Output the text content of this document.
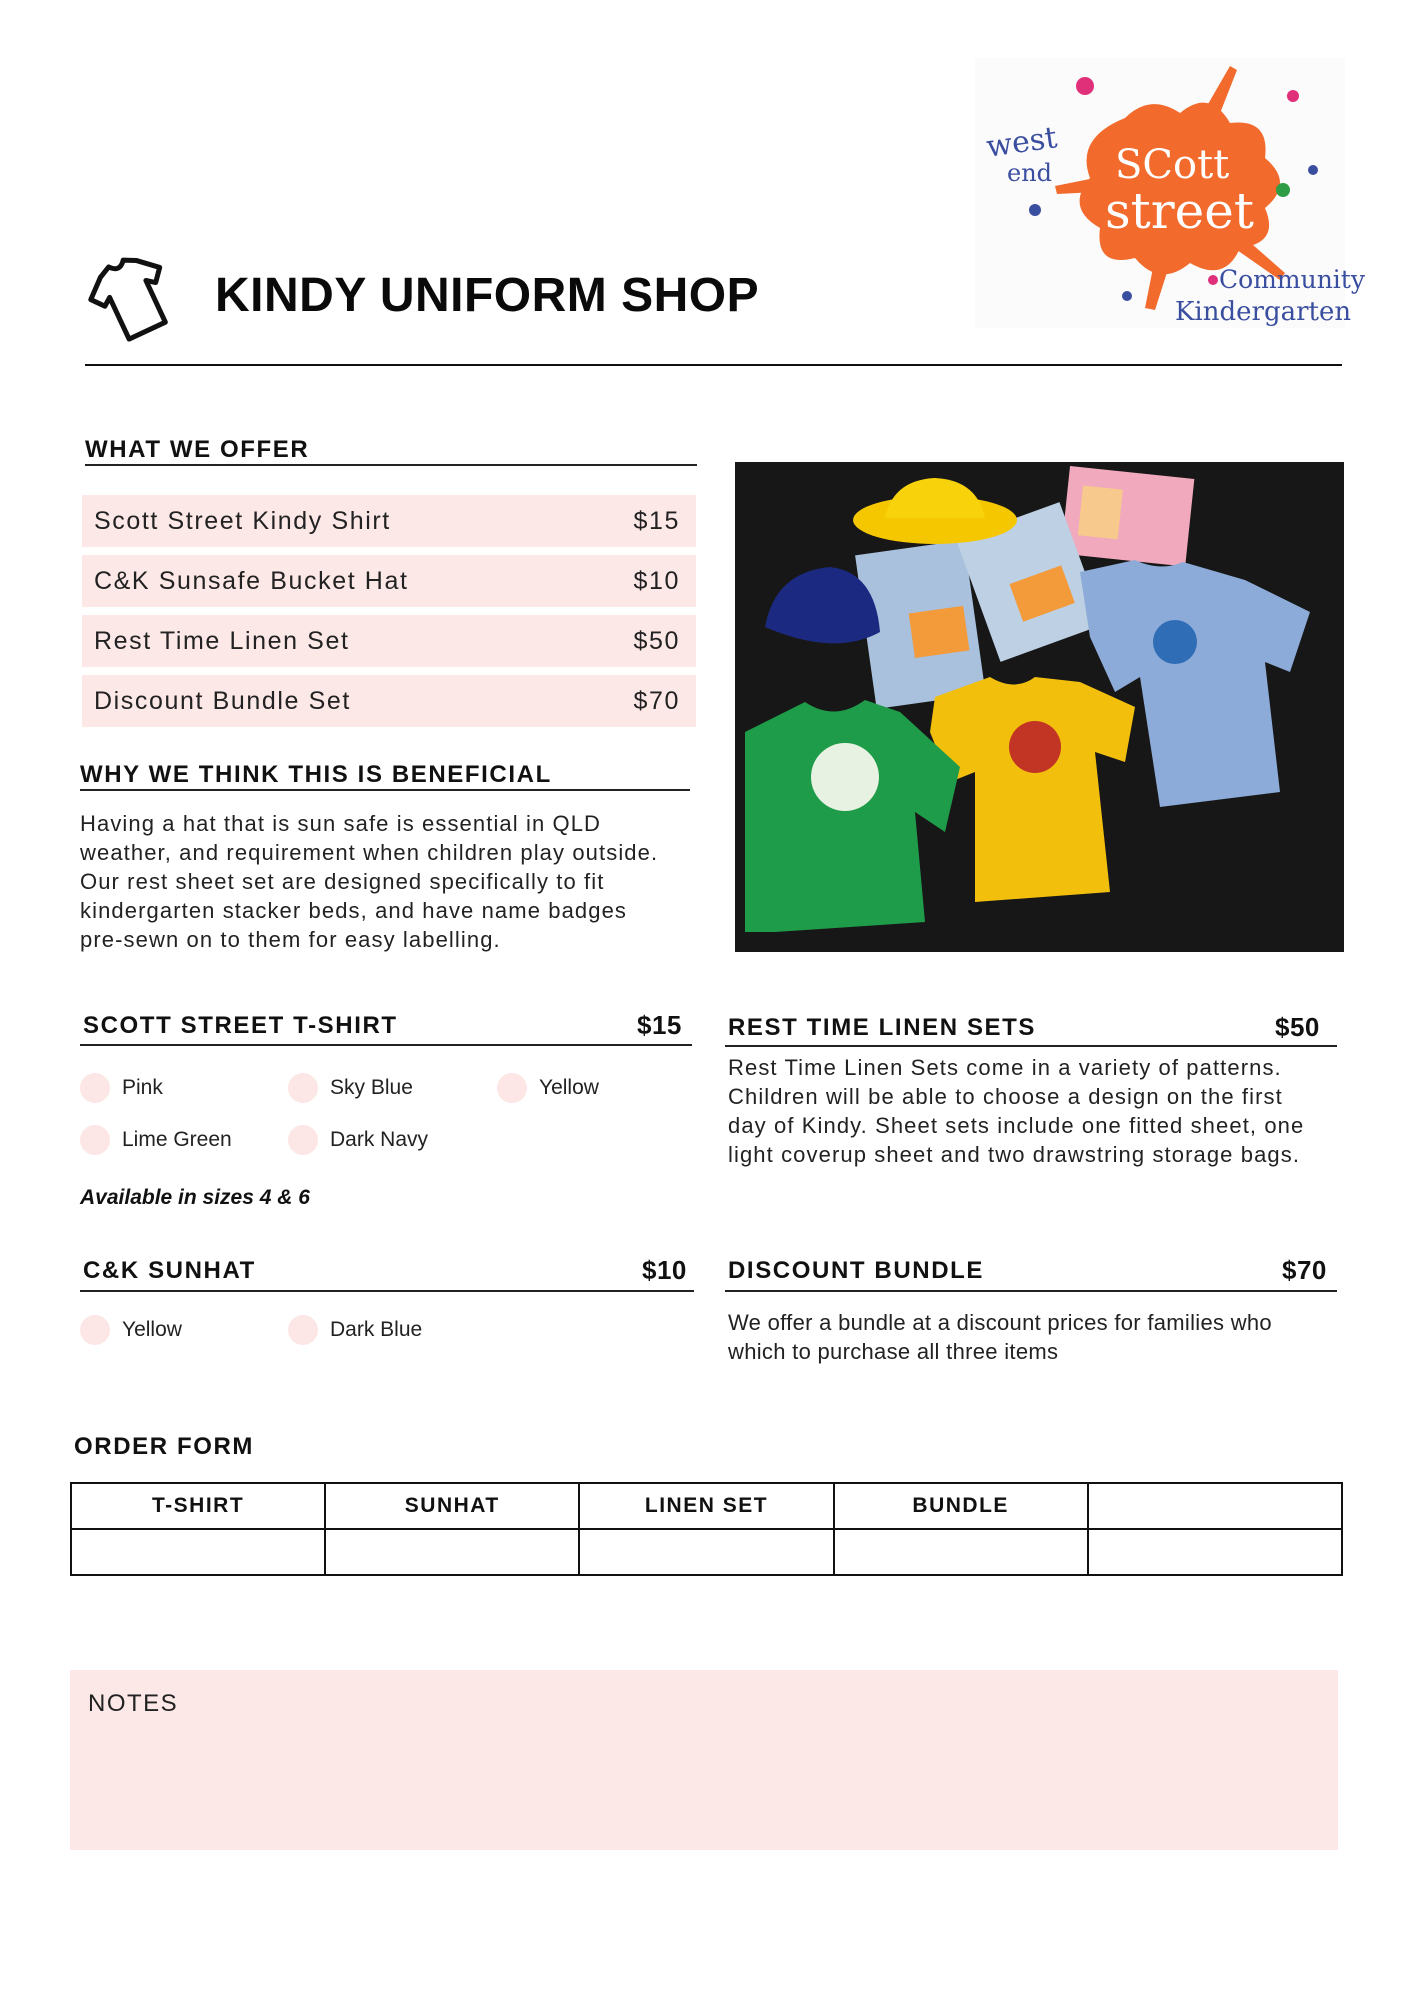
KINDY UNIFORM SHOP
west
end SCott
street
Community
Kindergarten
WHAT WE OFFER
Scott Street Kindy Shirt	$15
C&K Sunsafe Bucket Hat	$10
Rest Time Linen Set	$50
Discount Bundle Set	$70
WHY WE THINK THIS IS BENEFICIAL
Having a hat that is sun safe is essential in QLD
weather, and requirement when children play outside.
Our rest sheet set are designed specifically to fit
kindergarten stacker beds, and have name badges
pre-sewn on to them for easy labelling.
SCOTT STREET T-SHIRT	$15
Pink	Sky Blue	Yellow
Lime Green	Dark Navy
Available in sizes 4 & 6
REST TIME LINEN SETS	$50
Rest Time Linen Sets come in a variety of patterns.
Children will be able to choose a design on the first
day of Kindy. Sheet sets include one fitted sheet, one
light coverup sheet and two drawstring storage bags.
C&K SUNHAT	$10
Yellow	Dark Blue
DISCOUNT BUNDLE	$70
We offer a bundle at a discount prices for families who
which to purchase all three items
ORDER FORM
T-SHIRT	SUNHAT	LINEN SET	BUNDLE	

NOTES
